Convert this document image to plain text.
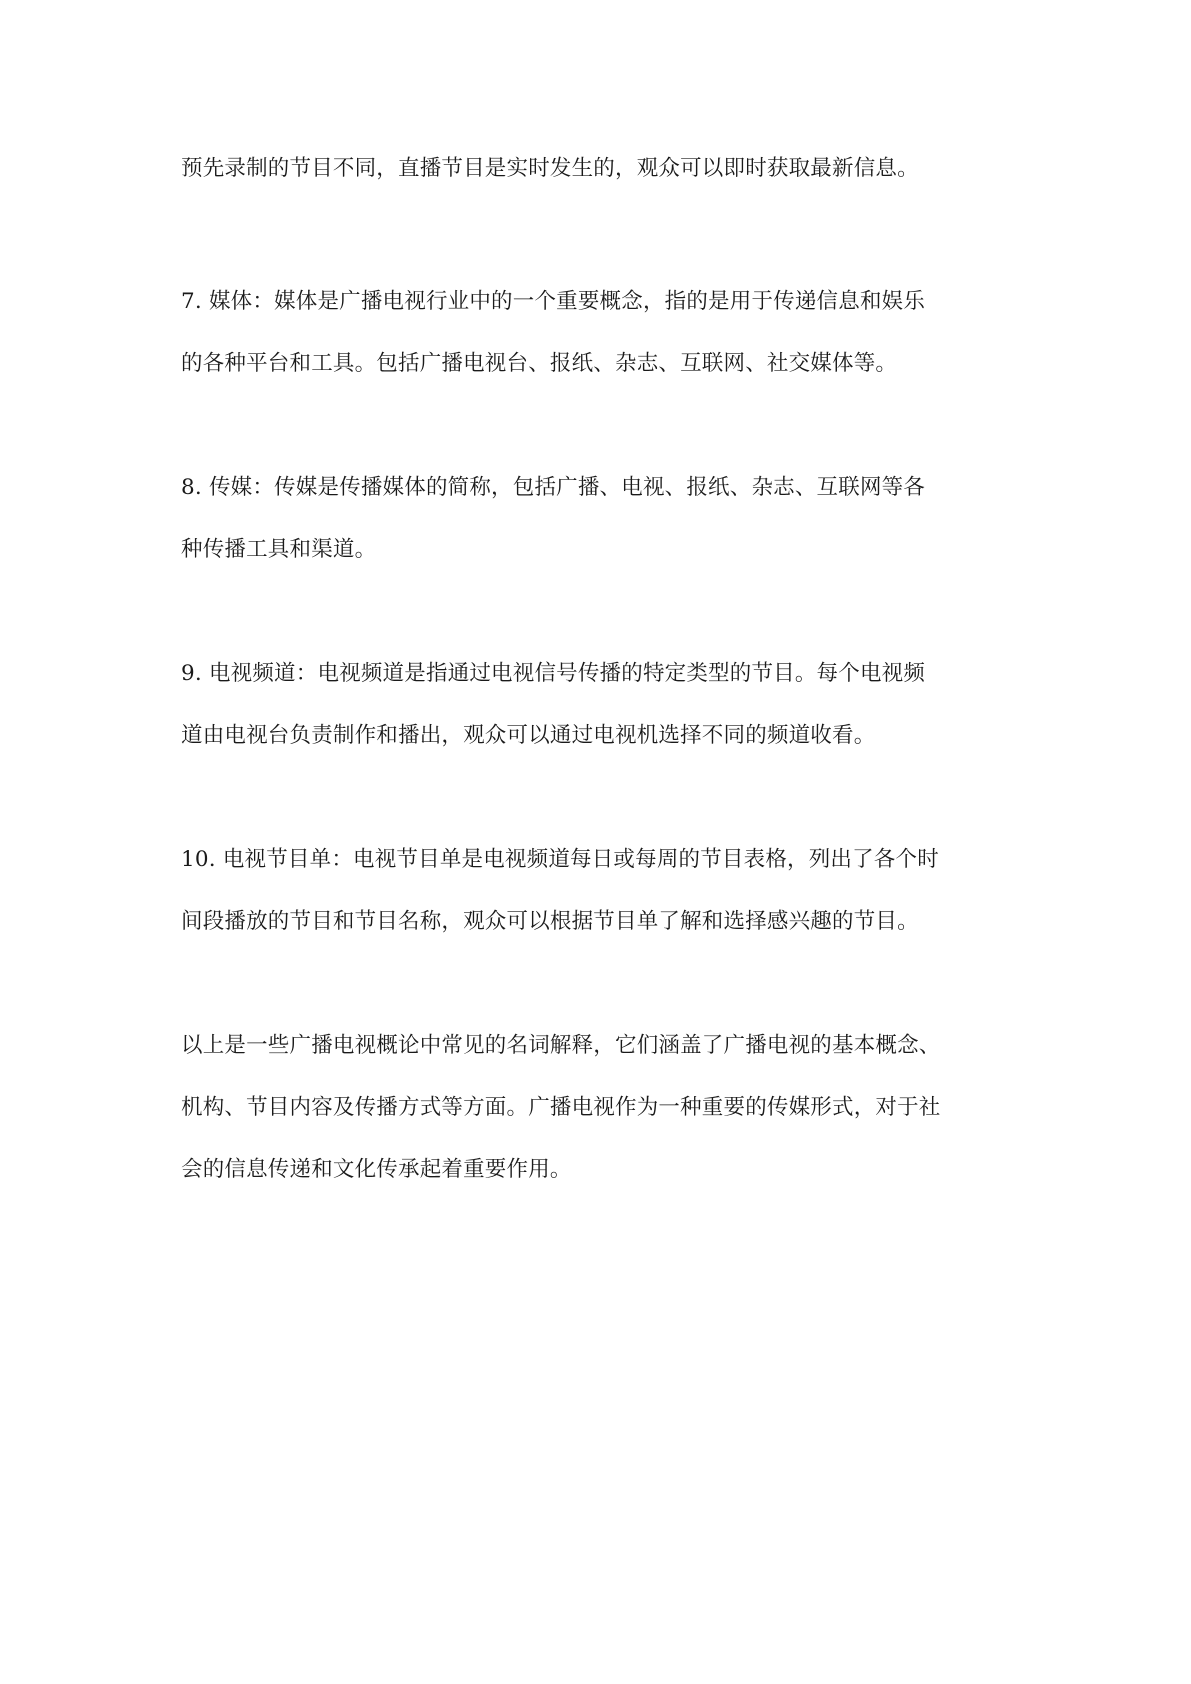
预先录制的节目不同，直播节目是实时发生的，观众可以即时获取最新信息。
7. 媒体：媒体是广播电视行业中的一个重要概念，指的是用于传递信息和娱乐
的各种平台和工具。包括广播电视台、报纸、杂志、互联网、社交媒体等。
8. 传媒：传媒是传播媒体的简称，包括广播、电视、报纸、杂志、互联网等各
种传播工具和渠道。
9. 电视频道：电视频道是指通过电视信号传播的特定类型的节目。每个电视频
道由电视台负责制作和播出，观众可以通过电视机选择不同的频道收看。
10. 电视节目单：电视节目单是电视频道每日或每周的节目表格，列出了各个时
间段播放的节目和节目名称，观众可以根据节目单了解和选择感兴趣的节目。
以上是一些广播电视概论中常见的名词解释，它们涵盖了广播电视的基本概念、
机构、节目内容及传播方式等方面。广播电视作为一种重要的传媒形式，对于社
会的信息传递和文化传承起着重要作用。
